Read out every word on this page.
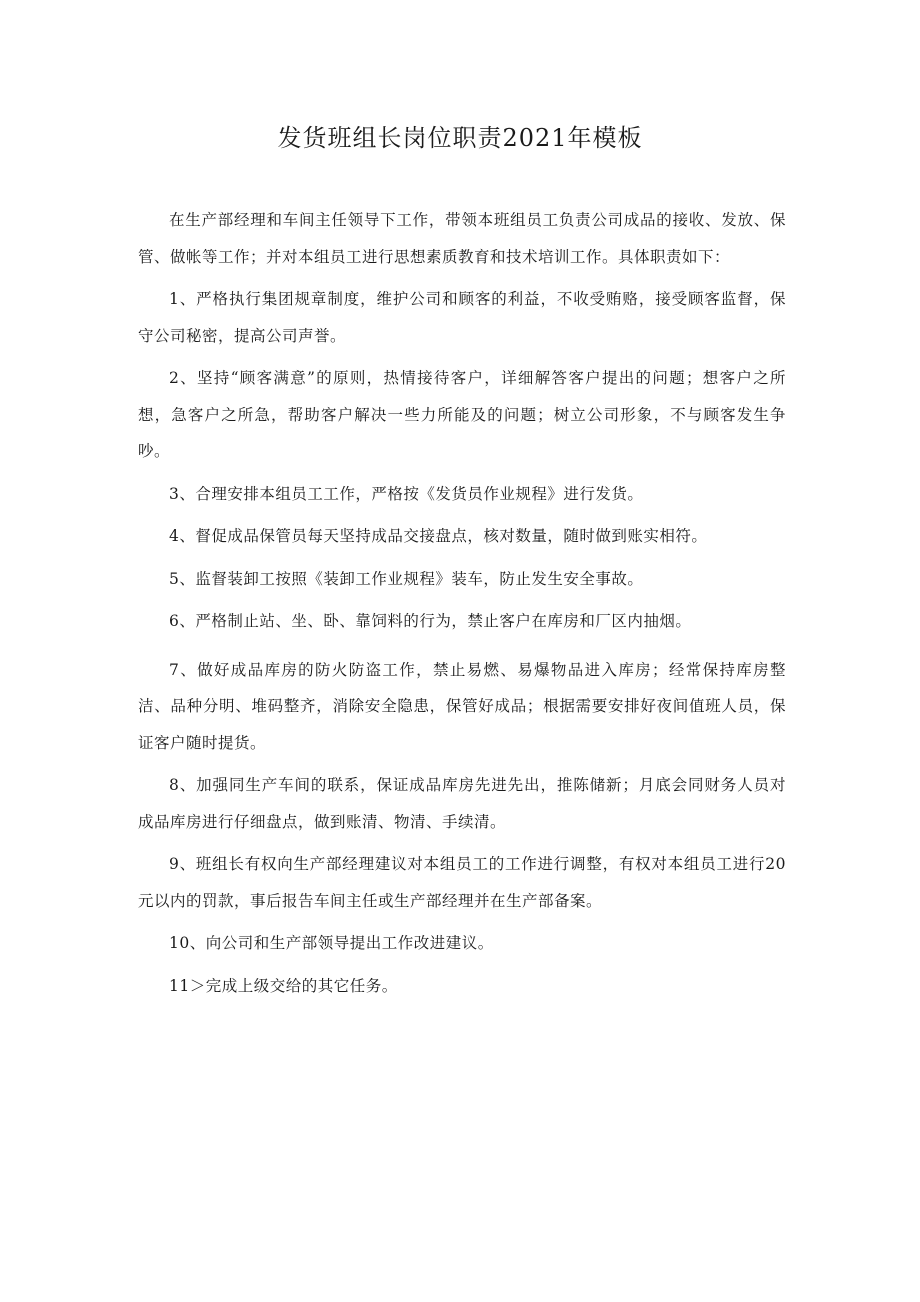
发货班组长岗位职责2021年模板

在生产部经理和车间主任领导下工作，带领本班组员工负责公司成品的接收、发放、保管、做帐等工作；并对本组员工进行思想素质教育和技术培训工作。具体职责如下：

1、严格执行集团规章制度，维护公司和顾客的利益，不收受贿赂，接受顾客监督，保守公司秘密，提高公司声誉。

2、坚持“顾客满意”的原则，热情接待客户，详细解答客户提出的问题；想客户之所想，急客户之所急，帮助客户解决一些力所能及的问题；树立公司形象，不与顾客发生争吵。

3、合理安排本组员工工作，严格按《发货员作业规程》进行发货。

4、督促成品保管员每天坚持成品交接盘点，核对数量，随时做到账实相符。

5、监督装卸工按照《装卸工作业规程》装车，防止发生安全事故。

6、严格制止站、坐、卧、靠饲料的行为，禁止客户在库房和厂区内抽烟。

7、做好成品库房的防火防盗工作，禁止易燃、易爆物品进入库房；经常保持库房整洁、品种分明、堆码整齐，消除安全隐患，保管好成品；根据需要安排好夜间值班人员，保证客户随时提货。

8、加强同生产车间的联系，保证成品库房先进先出，推陈储新；月底会同财务人员对成品库房进行仔细盘点，做到账清、物清、手续清。

9、班组长有权向生产部经理建议对本组员工的工作进行调整，有权对本组员工进行20元以内的罚款，事后报告车间主任或生产部经理并在生产部备案。

10、向公司和生产部领导提出工作改进建议。

11＞完成上级交给的其它任务。
